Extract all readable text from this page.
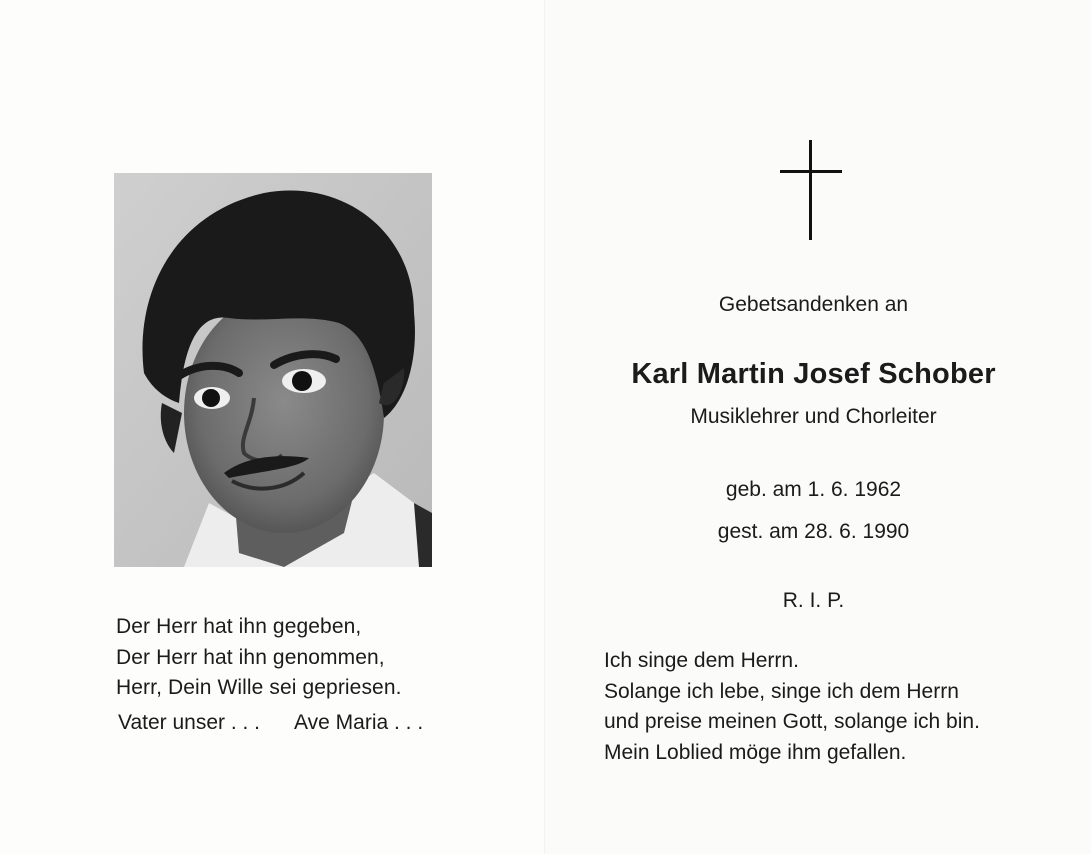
Der Herr hat ihn gegeben,
Der Herr hat ihn genommen,
Herr, Dein Wille sei gepriesen.
Vater unser . . . Ave Maria . . .
Gebetsandenken an
Karl Martin Josef Schober
Musiklehrer und Chorleiter
geb. am 1. 6. 1962
gest. am 28. 6. 1990
R. I. P.
Ich singe dem Herrn.
Solange ich lebe, singe ich dem Herrn
und preise meinen Gott, solange ich bin.
Mein Loblied möge ihm gefallen.
